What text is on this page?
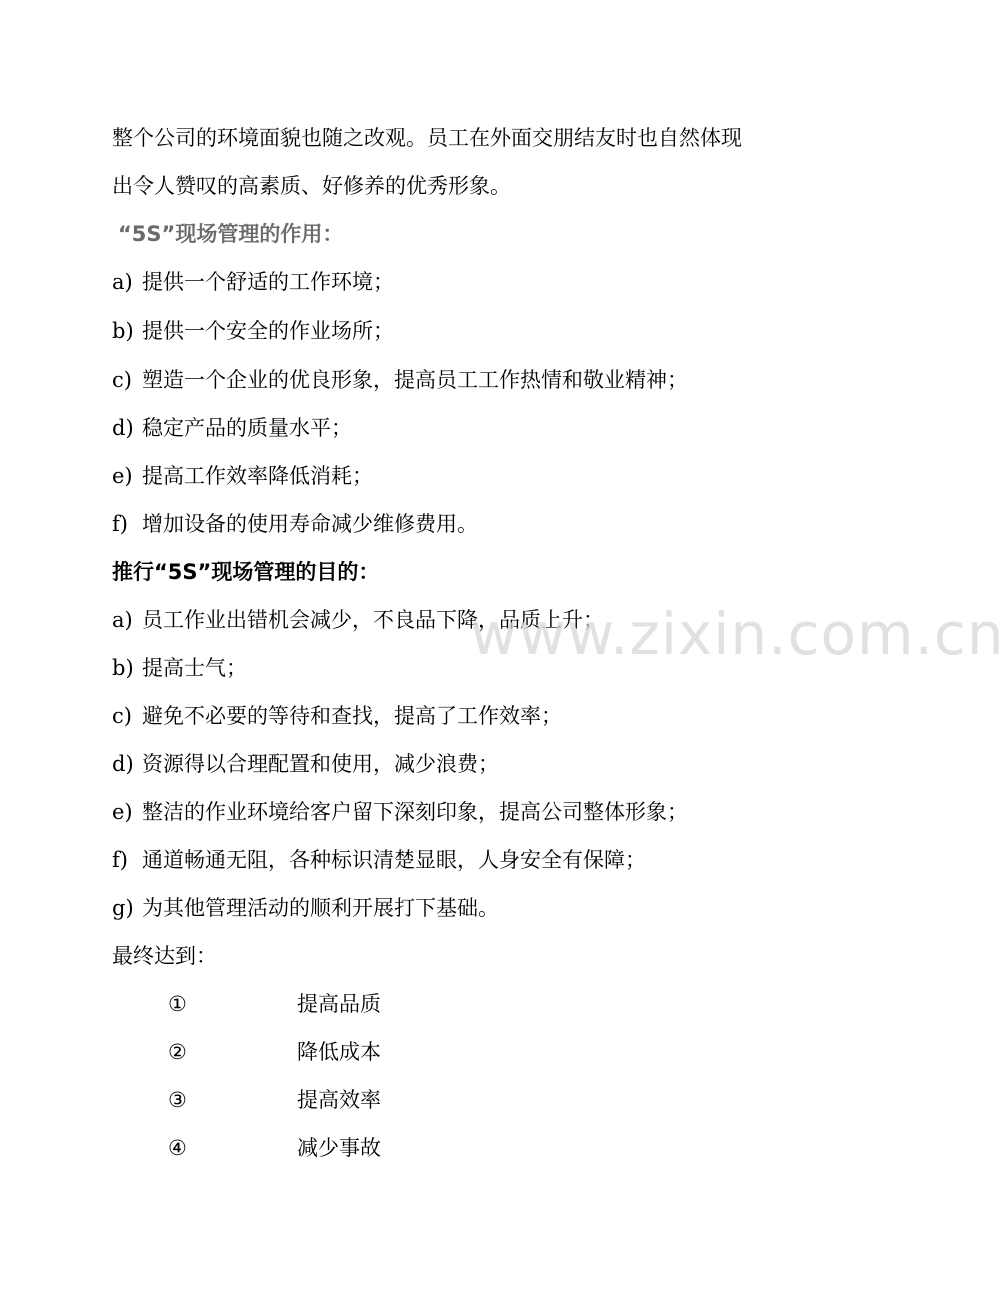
整个公司的环境面貌也随之改观。员工在外面交朋结友时也自然体现
出令人赞叹的高素质、好修养的优秀形象。
“5S”现场管理的作用：
a) 提供一个舒适的工作环境；
b) 提供一个安全的作业场所；
c) 塑造一个企业的优良形象，提高员工工作热情和敬业精神；
d) 稳定产品的质量水平；
e) 提高工作效率降低消耗；
f) 增加设备的使用寿命减少维修费用。
推行“5S”现场管理的目的：
a) 员工作业出错机会减少，不良品下降，品质上升；
b) 提高士气；
c) 避免不必要的等待和查找，提高了工作效率；
d) 资源得以合理配置和使用，减少浪费；
e) 整洁的作业环境给客户留下深刻印象，提高公司整体形象；
f) 通道畅通无阻，各种标识清楚显眼，人身安全有保障；
g) 为其他管理活动的顺利开展打下基础。
最终达到：
①	提高品质
②	降低成本
③	提高效率
④	减少事故
www.zixin.com.cn
